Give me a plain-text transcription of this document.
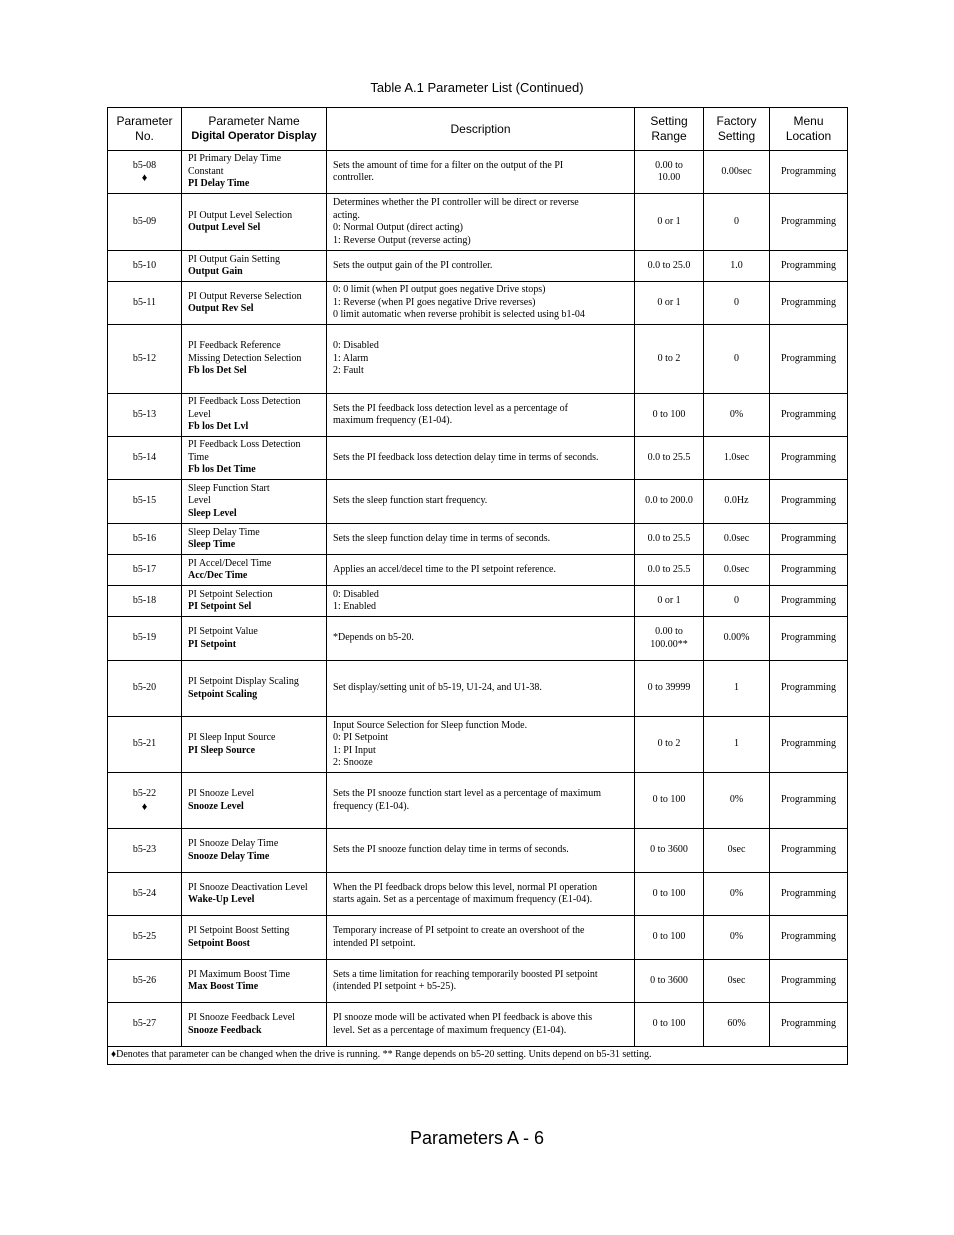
Table A.1 Parameter List (Continued)
Parameter
No.	Parameter Name
Digital Operator Display	Description	Setting
Range	Factory
Setting	Menu
Location

b5-08
♦	PI Primary Delay Time
Constant
PI Delay Time	Sets the amount of time for a filter on the output of the PI
controller.	0.00 to
10.00	0.00sec	Programming

b5-09	PI Output Level Selection
Output Level Sel	Determines whether the PI controller will be direct or reverse
acting.
0: Normal Output (direct acting)
1: Reverse Output (reverse acting)	0 or 1	0	Programming

b5-10	PI Output Gain Setting
Output Gain	Sets the output gain of the PI controller.	0.0 to 25.0	1.0	Programming

b5-11	PI Output Reverse Selection
Output Rev Sel	0: 0 limit (when PI output goes negative Drive stops)
1: Reverse (when PI goes negative Drive reverses)
0 limit automatic when reverse prohibit is selected using b1-04	0 or 1	0	Programming

b5-12	PI Feedback Reference
Missing Detection Selection
Fb los Det Sel	0: Disabled
1: Alarm
2: Fault	0 to 2	0	Programming

b5-13	PI Feedback Loss Detection
Level
Fb los Det Lvl	Sets the PI feedback loss detection level as a percentage of
maximum frequency (E1-04).	0 to 100	0%	Programming

b5-14	PI Feedback Loss Detection
Time
Fb los Det Time	Sets the PI feedback loss detection delay time in terms of seconds.	0.0 to 25.5	1.0sec	Programming

b5-15	Sleep Function Start
Level
Sleep Level	Sets the sleep function start frequency.	0.0 to 200.0	0.0Hz	Programming

b5-16	Sleep Delay Time
Sleep Time	Sets the sleep function delay time in terms of seconds.	0.0 to 25.5	0.0sec	Programming

b5-17	PI Accel/Decel Time
Acc/Dec Time	Applies an accel/decel time to the PI setpoint reference.	0.0 to 25.5	0.0sec	Programming

b5-18	PI Setpoint Selection
PI Setpoint Sel	0: Disabled
1: Enabled	0 or 1	0	Programming

b5-19	PI Setpoint Value
PI Setpoint	*Depends on b5-20.	0.00 to
100.00**	0.00%	Programming

b5-20	PI Setpoint Display Scaling
Setpoint Scaling	Set display/setting unit of b5-19, U1-24, and U1-38.	0 to 39999	1	Programming

b5-21	PI Sleep Input Source
PI Sleep Source	Input Source Selection for Sleep function Mode.
0: PI Setpoint
1: PI Input
2: Snooze	0 to 2	1	Programming

b5-22
♦	PI Snooze Level
Snooze Level	Sets the PI snooze function start level as a percentage of maximum
frequency (E1-04).	0 to 100	0%	Programming

b5-23	PI Snooze Delay Time
Snooze Delay Time	Sets the PI snooze function delay time in terms of seconds.	0 to 3600	0sec	Programming

b5-24	PI Snooze Deactivation Level
Wake-Up Level	When the PI feedback drops below this level, normal PI operation
starts again. Set as a percentage of maximum frequency (E1-04).	0 to 100	0%	Programming

b5-25	PI Setpoint Boost Setting
Setpoint Boost	Temporary increase of PI setpoint to create an overshoot of the
intended PI setpoint.	0 to 100	0%	Programming

b5-26	PI Maximum Boost Time
Max Boost Time	Sets a time limitation for reaching temporarily boosted PI setpoint
(intended PI setpoint + b5-25).	0 to 3600	0sec	Programming

b5-27	PI Snooze Feedback Level
Snooze Feedback	PI snooze mode will be activated when PI feedback is above this
level. Set as a percentage of maximum frequency (E1-04).	0 to 100	60%	Programming
♦Denotes that parameter can be changed when the drive is running. ** Range depends on b5-20 setting. Units depend on b5-31 setting.					
Parameters A - 6
